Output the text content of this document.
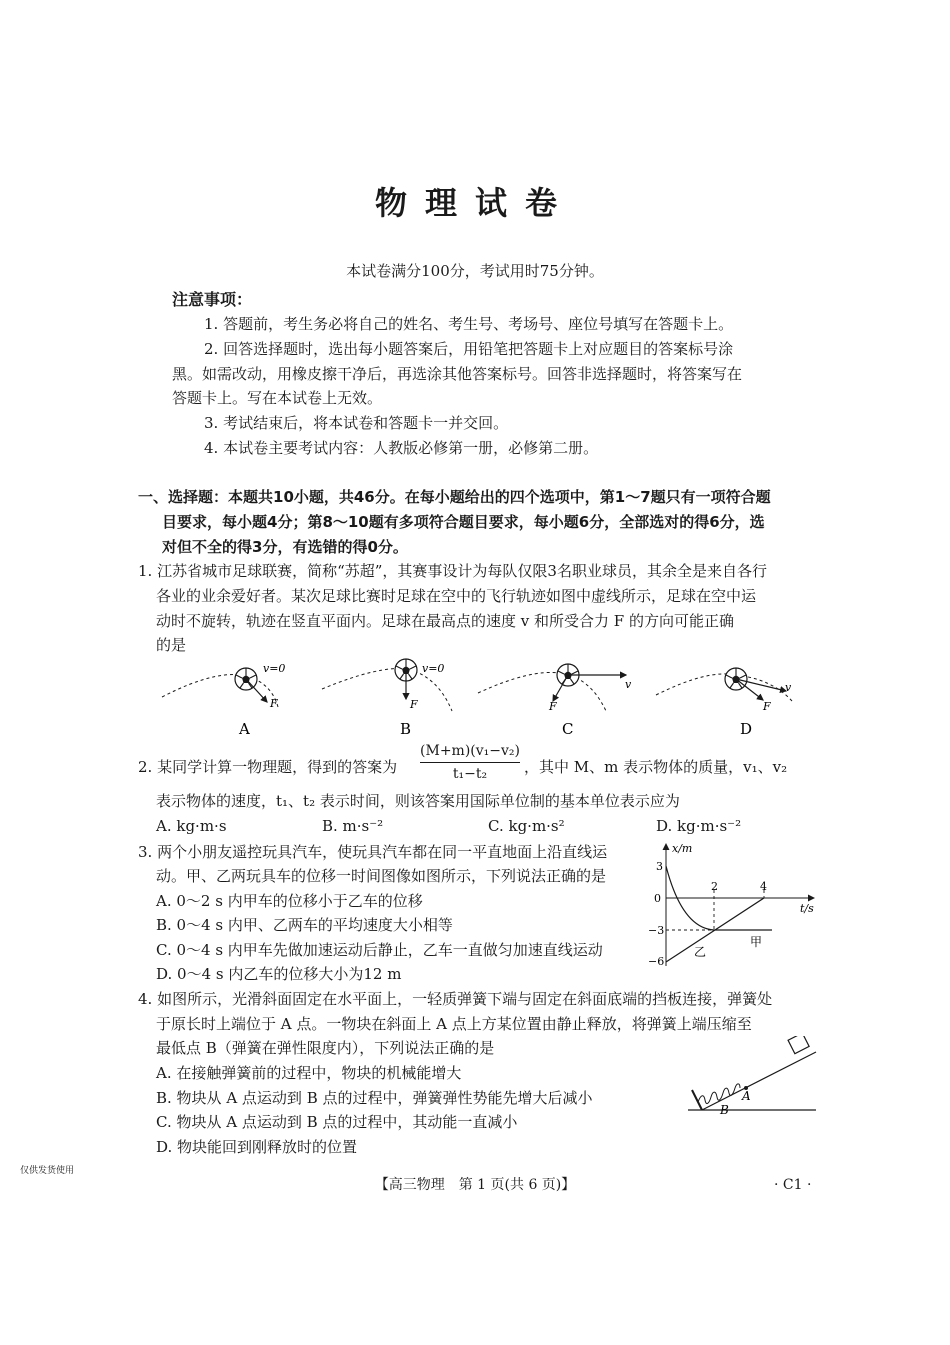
物理试卷
本试卷满分100分，考试用时75分钟。
注意事项：
1. 答题前，考生务必将自己的姓名、考生号、考场号、座位号填写在答题卡上。
2. 回答选择题时，选出每小题答案后，用铅笔把答题卡上对应题目的答案标号涂
黑。如需改动，用橡皮擦干净后，再选涂其他答案标号。回答非选择题时，将答案写在
答题卡上。写在本试卷上无效。
3. 考试结束后，将本试卷和答题卡一并交回。
4. 本试卷主要考试内容：人教版必修第一册，必修第二册。
一、选择题：本题共10小题，共46分。在每小题给出的四个选项中，第1～7题只有一项符合题
目要求，每小题4分；第8～10题有多项符合题目要求，每小题6分，全部选对的得6分，选
对但不全的得3分，有选错的得0分。
1. 江苏省城市足球联赛，简称“苏超”，其赛事设计为每队仅限3名职业球员，其余全是来自各行
各业的业余爱好者。某次足球比赛时足球在空中的飞行轨迹如图中虚线所示，足球在空中运
动时不旋转，轨迹在竖直平面内。足球在最高点的速度 v 和所受合力 F 的方向可能正确
的是
v=0
F
A
v=0
F
B
v
F
C
v
F
D
2. 某同学计算一物理题，得到的答案为 $\frac{\text{(M+m)(v₁−v₂)}}{\text{t₁−t₂}}$ ，其中 M、m 表示物体的质量，v₁、v₂
表示物体的速度，t₁、t₂ 表示时间，则该答案用国际单位制的基本单位表示应为
A. kg·m·s	B. m·s⁻²	C. kg·m·s²	D. kg·m·s⁻²
3. 两个小朋友遥控玩具汽车，使玩具汽车都在同一平直地面上沿直线运
动。甲、乙两玩具车的位移一时间图像如图所示，下列说法正确的是
A. 0～2 s 内甲车的位移小于乙车的位移
B. 0～4 s 内甲、乙两车的平均速度大小相等
C. 0～4 s 内甲车先做加速运动后静止，乙车一直做匀加速直线运动
D. 0～4 s 内乙车的位移大小为12 m
x/m
t/s
0
3
−3
−6
2	4
甲
乙
4. 如图所示，光滑斜面固定在水平面上，一轻质弹簧下端与固定在斜面底端的挡板连接，弹簧处
于原长时上端位于 A 点。一物块在斜面上 A 点上方某位置由静止释放，将弹簧上端压缩至
最低点 B（弹簧在弹性限度内），下列说法正确的是
A. 在接触弹簧前的过程中，物块的机械能增大
B. 物块从 A 点运动到 B 点的过程中，弹簧弹性势能先增大后减小
C. 物块从 A 点运动到 B 点的过程中，其动能一直减小
D. 物块能回到刚释放时的位置
A
B
仅供发货使用
【高三物理　第 1 页(共 6 页)】	· C1 ·
